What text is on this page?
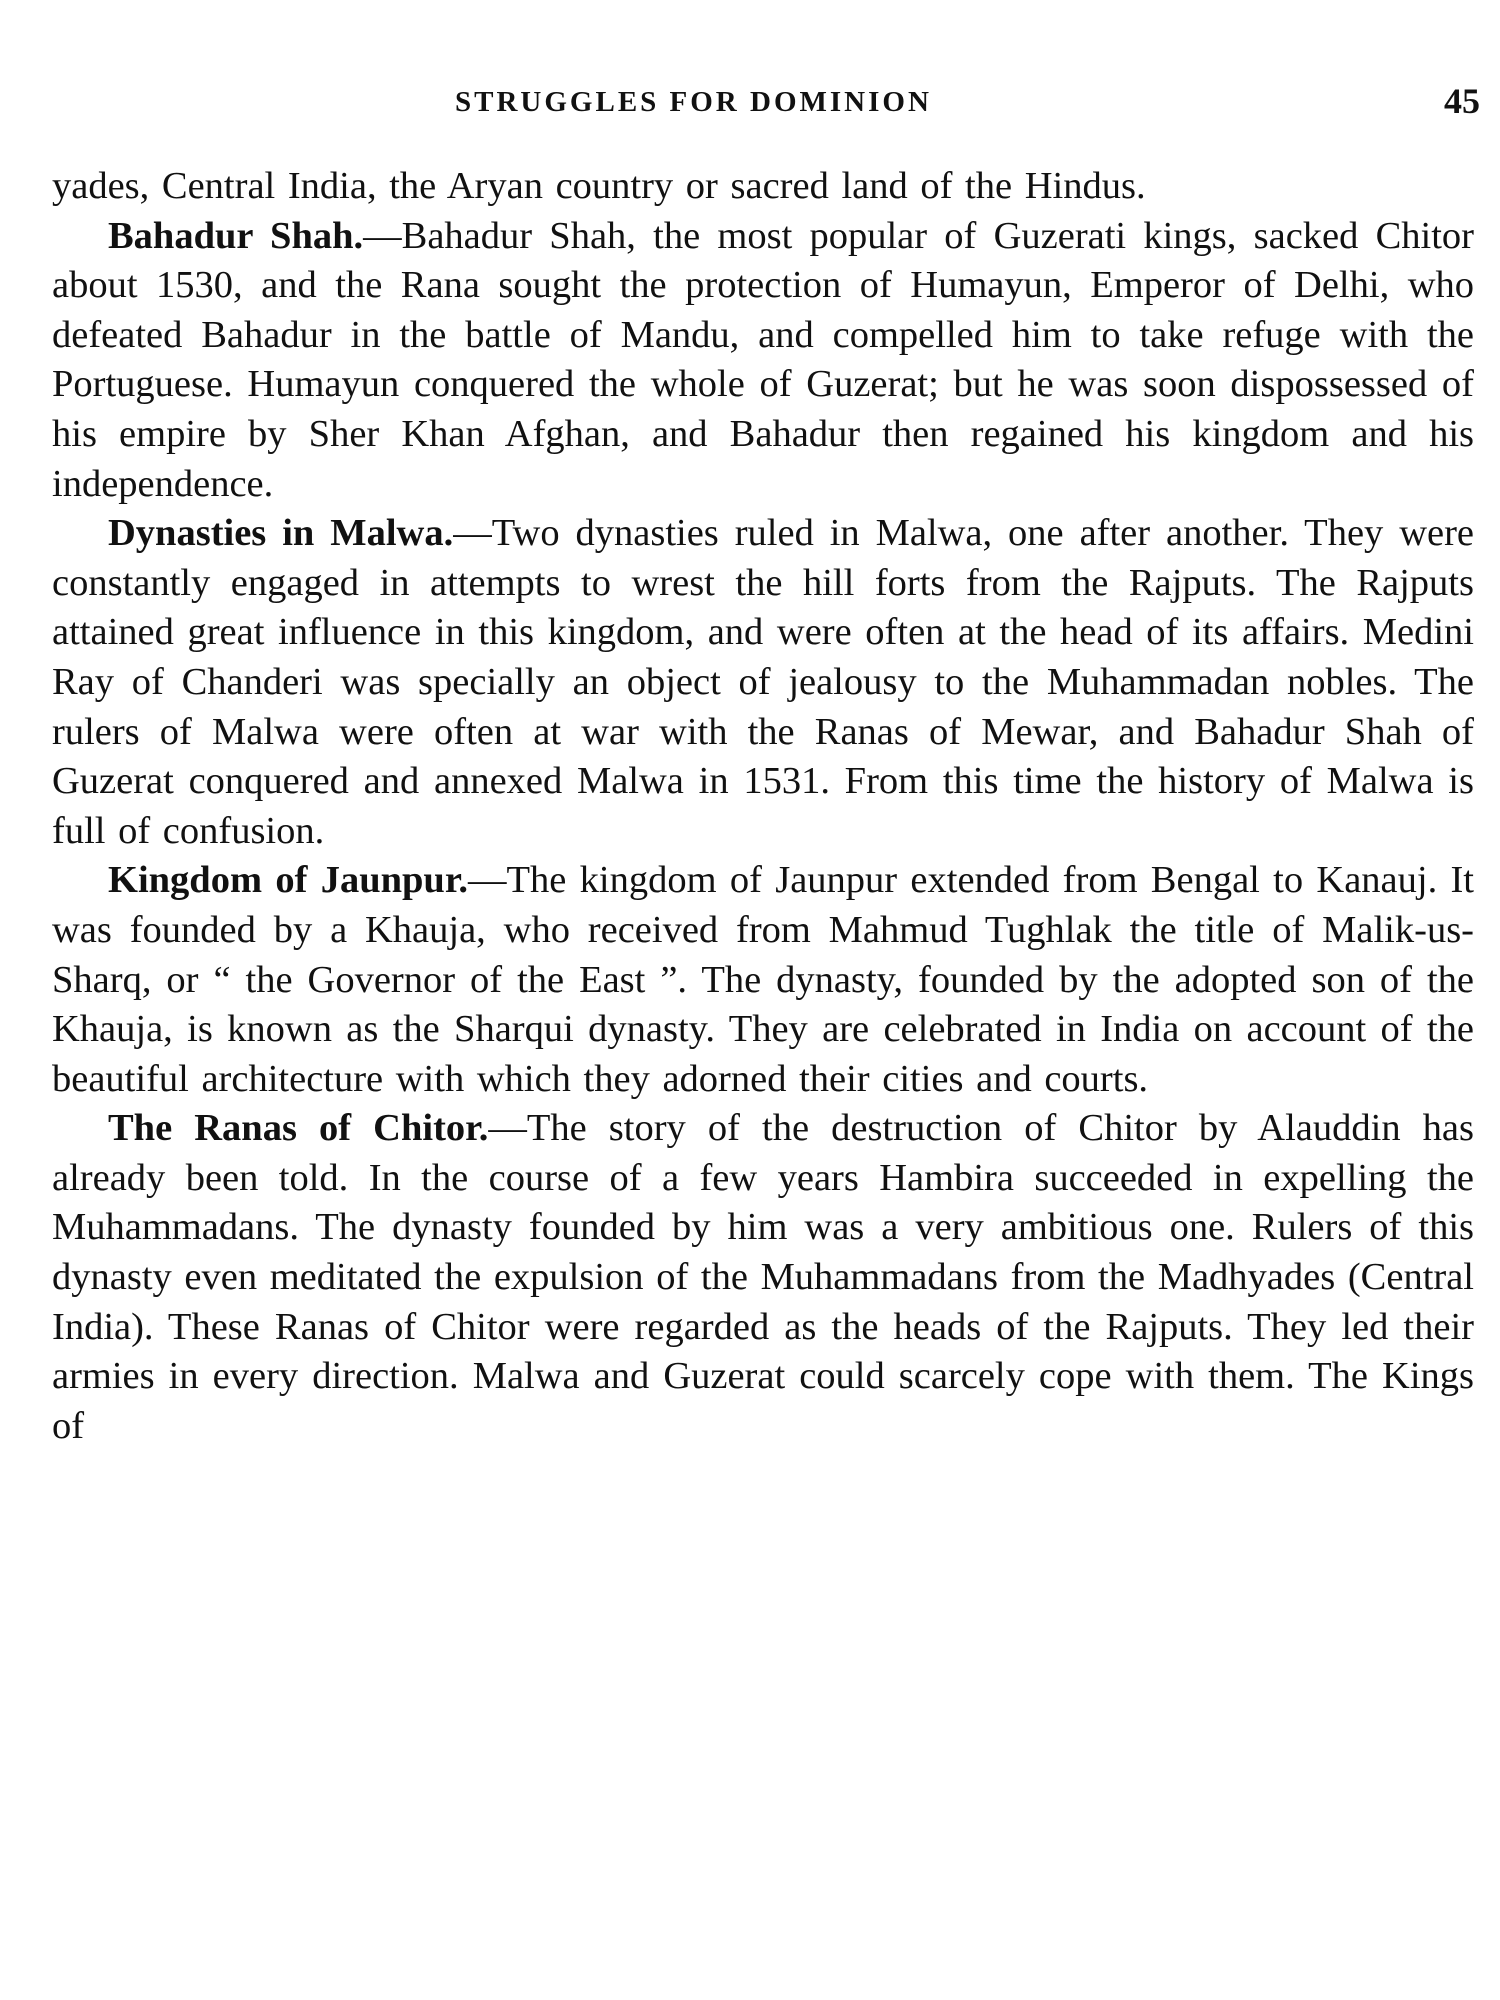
STRUGGLES FOR DOMINION	45

yades, Central India, the Aryan country or sacred land of the Hindus.

Bahadur Shah.—Bahadur Shah, the most popular of Guzerati kings, sacked Chitor about 1530, and the Rana sought the protection of Humayun, Emperor of Delhi, who defeated Bahadur in the battle of Mandu, and compelled him to take refuge with the Portuguese. Humayun conquered the whole of Guzerat; but he was soon dispossessed of his empire by Sher Khan Afghan, and Bahadur then regained his kingdom and his independence.

Dynasties in Malwa.—Two dynasties ruled in Malwa, one after another. They were constantly engaged in attempts to wrest the hill forts from the Rajputs. The Rajputs attained great influence in this kingdom, and were often at the head of its affairs. Medini Ray of Chanderi was specially an object of jealousy to the Muhammadan nobles. The rulers of Malwa were often at war with the Ranas of Mewar, and Bahadur Shah of Guzerat conquered and annexed Malwa in 1531. From this time the history of Malwa is full of confusion.

Kingdom of Jaunpur.—The kingdom of Jaunpur extended from Bengal to Kanauj. It was founded by a Khauja, who received from Mahmud Tughlak the title of Malik-us-Sharq, or “ the Governor of the East ”. The dynasty, founded by the adopted son of the Khauja, is known as the Sharqui dynasty. They are celebrated in India on account of the beautiful architecture with which they adorned their cities and courts.

The Ranas of Chitor.—The story of the destruction of Chitor by Alauddin has already been told. In the course of a few years Hambira succeeded in expelling the Muhammadans. The dynasty founded by him was a very ambitious one. Rulers of this dynasty even meditated the expulsion of the Muhammadans from the Madhyades (Central India). These Ranas of Chitor were regarded as the heads of the Rajputs. They led their armies in every direction. Malwa and Guzerat could scarcely cope with them. The Kings of
